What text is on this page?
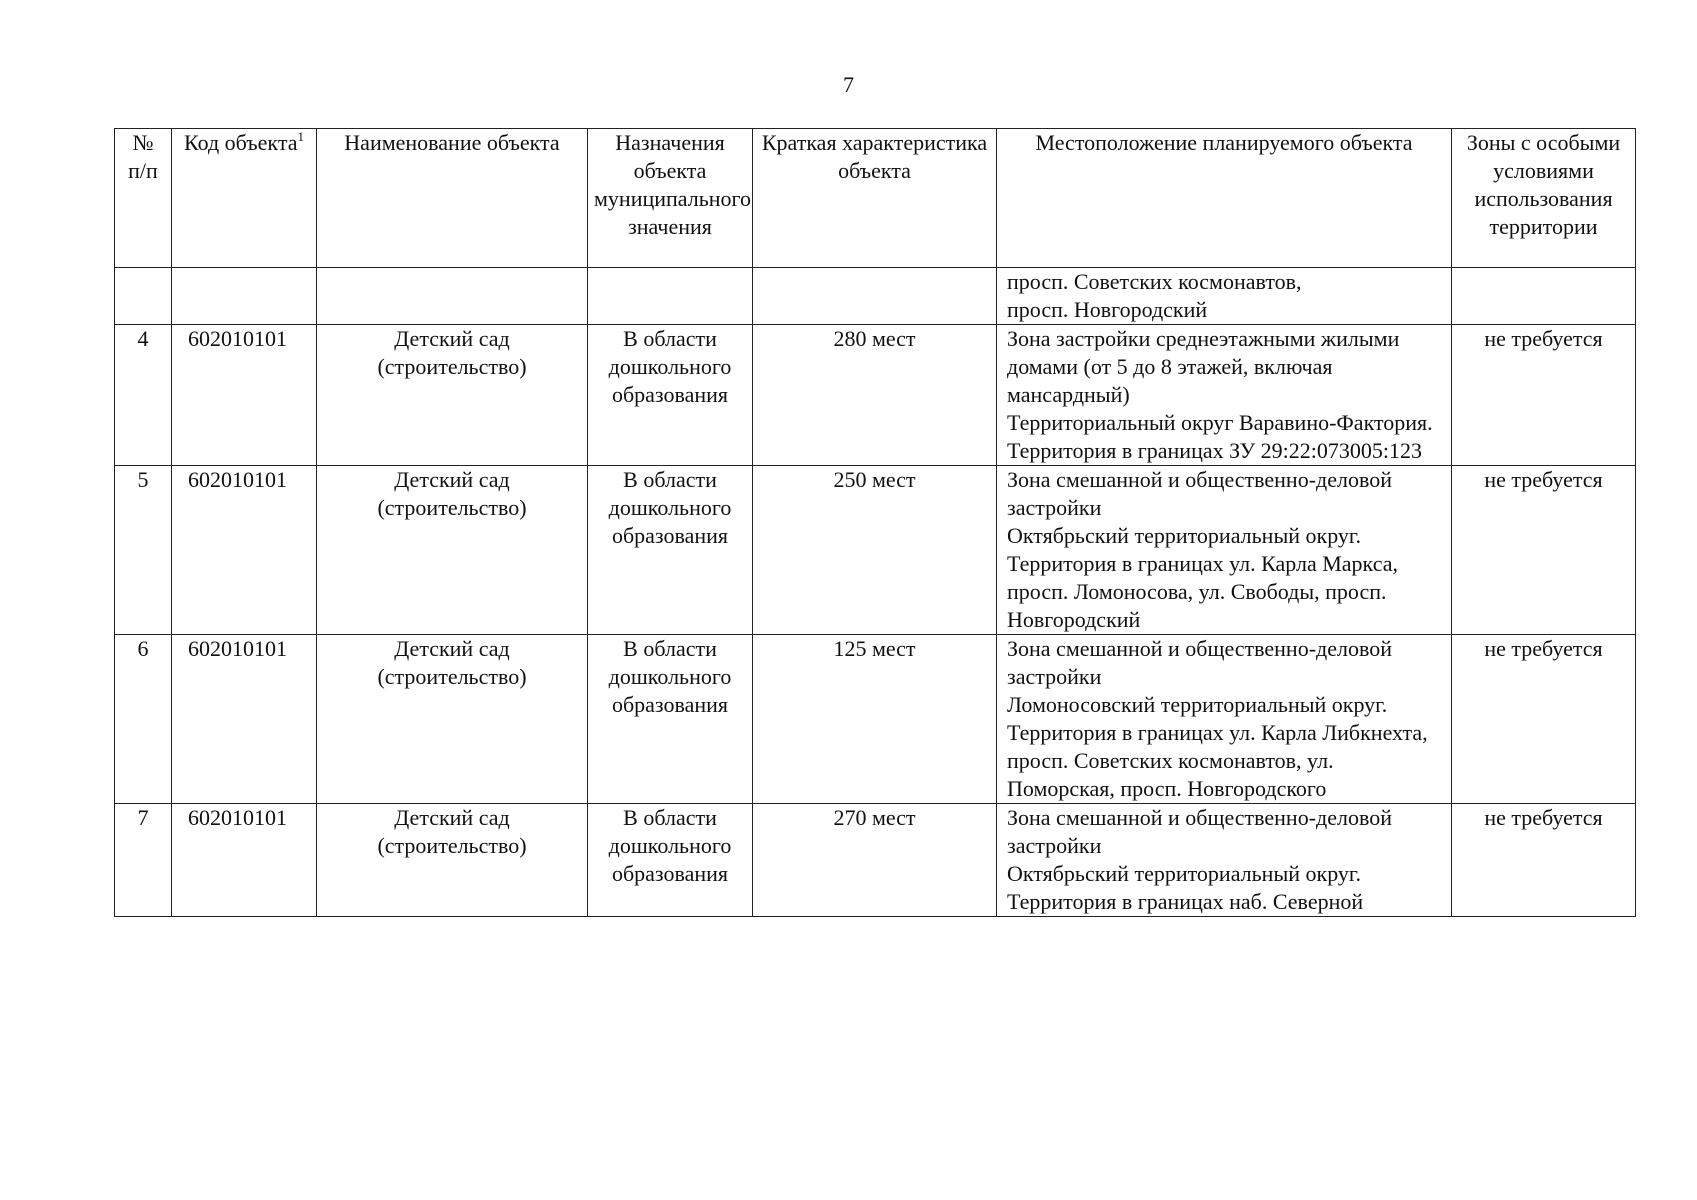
7
№ п/п	Код объекта$^1$	Наименование объекта	Назначения объекта муниципального значения	Краткая характеристика объекта	Местоположение планируемого объекта	Зоны с особыми условиями использования территории

					просп. Советских космонавтов,
просп. Новгородский	

4	602010101	Детский сад (строительство)	В области дошкольного образования	280 мест	Зона застройки среднеэтажными жилыми домами (от 5 до 8 этажей, включая мансардный)
Территориальный округ Варавино-Фактория.
Территория в границах ЗУ 29:22:073005:123	не требуется
5	602010101	Детский сад (строительство)	В области дошкольного образования	250 мест	Зона смешанной и общественно-деловой застройки
Октябрьский территориальный округ.
Территория в границах ул. Карла Маркса, просп. Ломоносова, ул. Свободы, просп. Новгородский	не требуется
6	602010101	Детский сад (строительство)	В области дошкольного образования	125 мест	Зона смешанной и общественно-деловой застройки
Ломоносовский территориальный округ.
Территория в границах ул. Карла Либкнехта, просп. Советских космонавтов, ул. Поморская, просп. Новгородского	не требуется
7	602010101	Детский сад (строительство)	В области дошкольного образования	270 мест	Зона смешанной и общественно-деловой застройки
Октябрьский территориальный округ.
Территория в границах наб. Северной	не требуется
